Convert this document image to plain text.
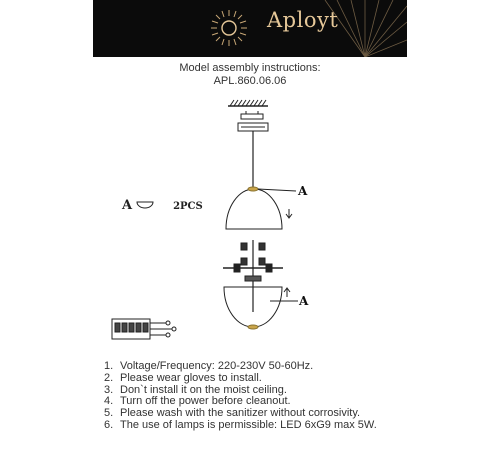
Aployt
Model assembly instructions:
APL.860.06.06
A	2PCS
A
A
1. Voltage/Frequency: 220-230V 50-60Hz.
2. Please wear gloves to install.
3. Don`t install it on the moist ceiling.
4. Turn off the power before cleanout.
5. Please wash with the sanitizer without corrosivity.
6. The use of lamps is permissible: LED 6xG9 max 5W.
